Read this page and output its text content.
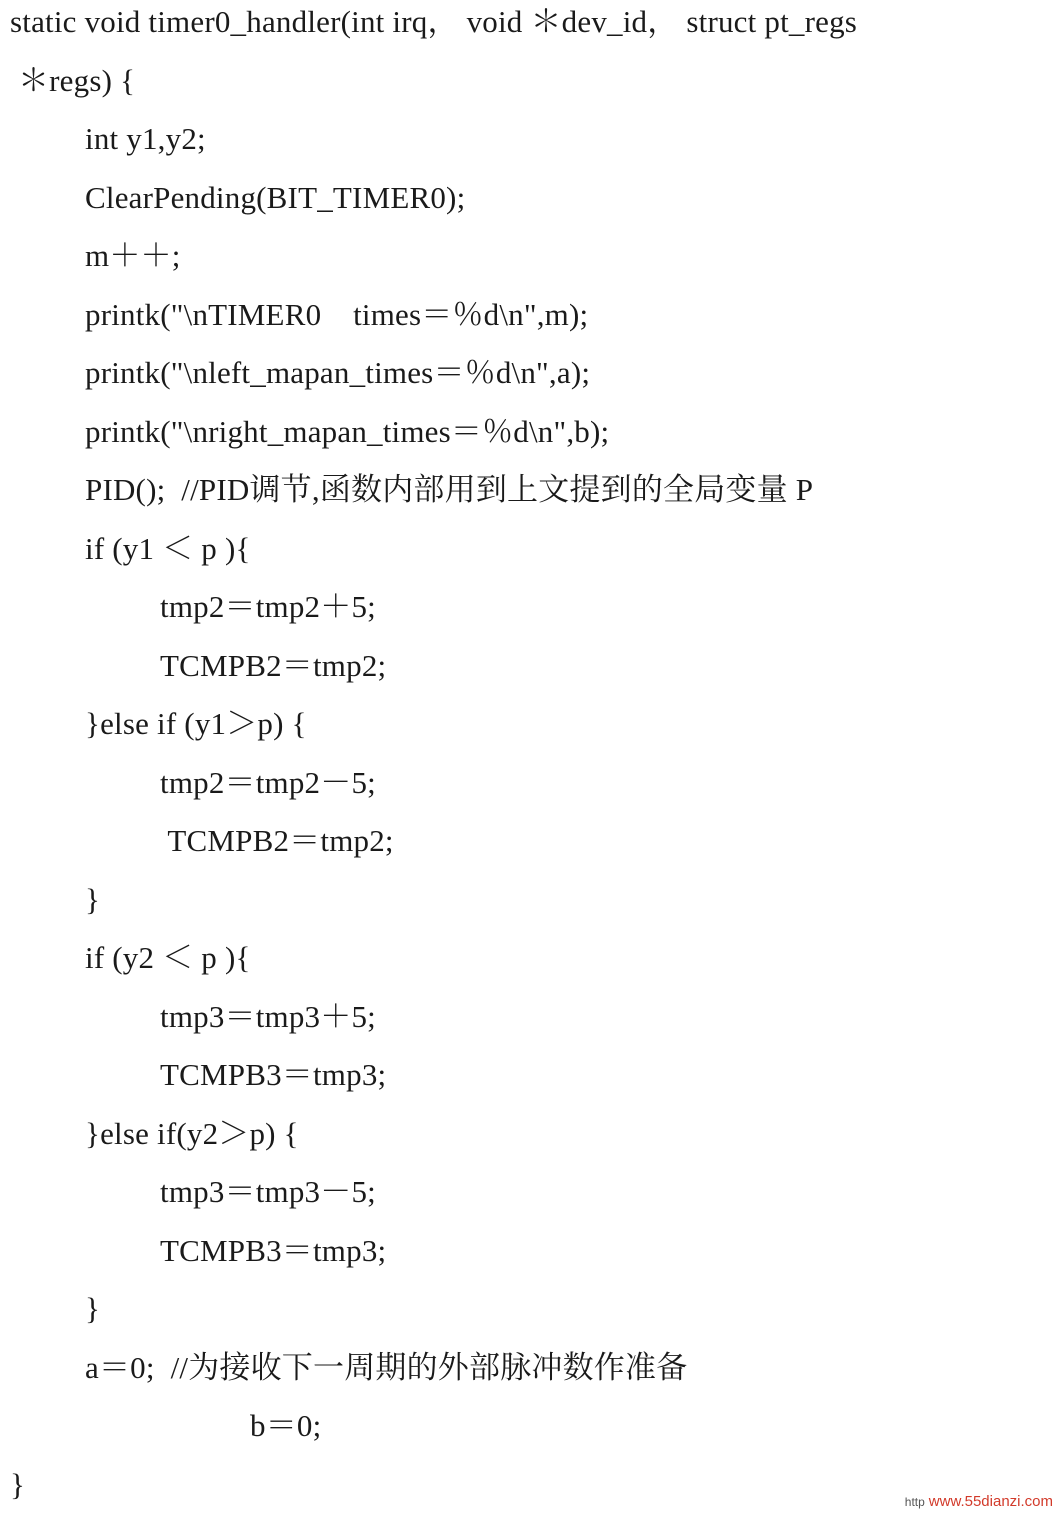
static void timer0_handler(int irq， void ＊dev_id， struct pt_regs
＊regs) {
int y1,y2;
ClearPending(BIT_TIMER0);
m＋＋;
printk("\nTIMER0    times＝％d\n",m);
printk("\nleft_mapan_times＝％d\n",a);
printk("\nright_mapan_times＝％d\n",b);
PID();  //PID调节,函数内部用到上文提到的全局变量 P
if (y1 ＜ p ){
tmp2＝tmp2＋5;
TCMPB2＝tmp2;
}else if (y1＞p) {
tmp2＝tmp2－5;
TCMPB2＝tmp2;
}
if (y2 ＜ p ){
tmp3＝tmp3＋5;
TCMPB3＝tmp3;
}else if(y2＞p) {
tmp3＝tmp3－5;
TCMPB3＝tmp3;
}
a＝0;  //为接收下一周期的外部脉冲数作准备
b＝0;
}
http www.55dianzi.com
